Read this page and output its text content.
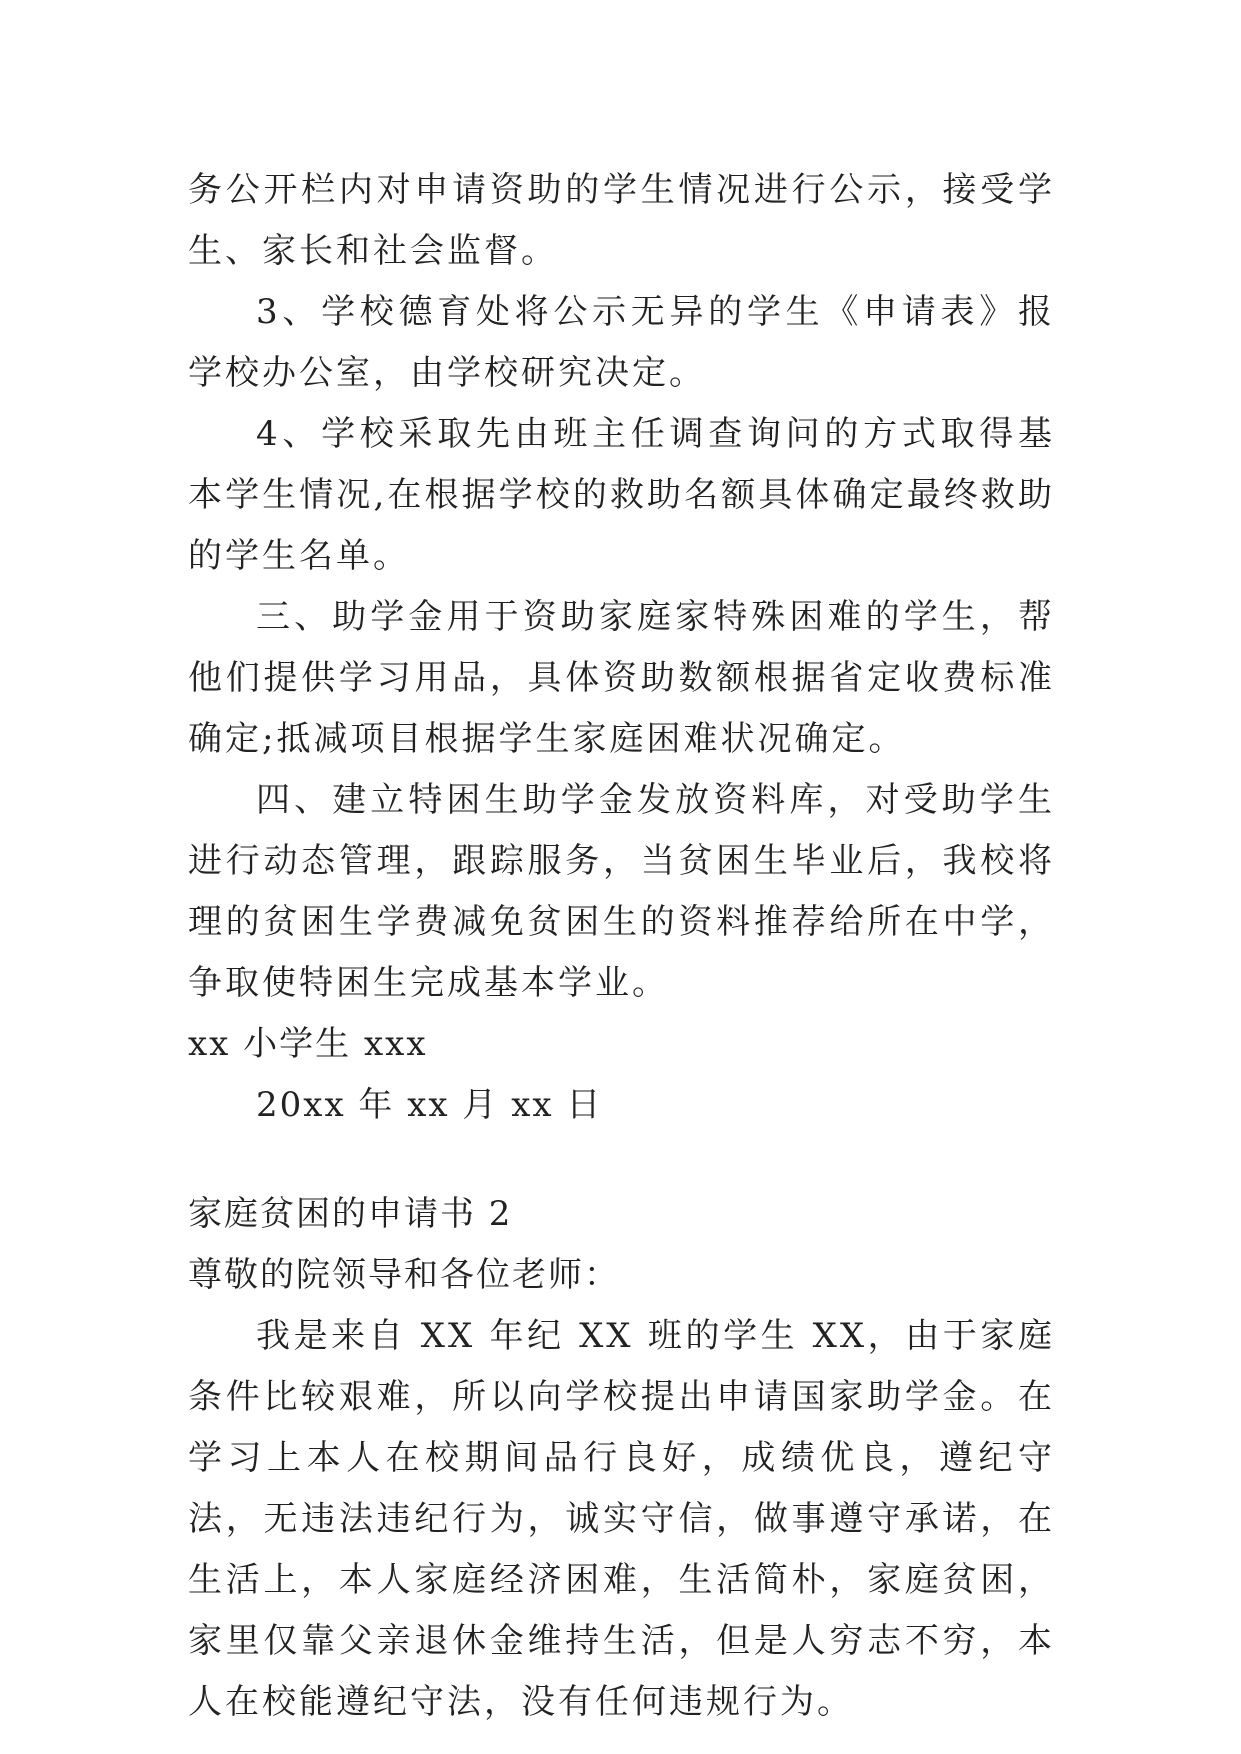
务公开栏内对申请资助的学生情况进行公示，接受学生、家长和社会监督。

3、学校德育处将公示无异的学生《申请表》报学校办公室，由学校研究决定。

4、学校采取先由班主任调查询问的方式取得基本学生情况,在根据学校的救助名额具体确定最终救助的学生名单。

三、助学金用于资助家庭家特殊困难的学生，帮他们提供学习用品，具体资助数额根据省定收费标准确定;抵减项目根据学生家庭困难状况确定。

四、建立特困生助学金发放资料库，对受助学生进行动态管理，跟踪服务，当贫困生毕业后，我校将理的贫困生学费减免贫困生的资料推荐给所在中学，争取使特困生完成基本学业。

xx 小学生 xxx

20xx 年 xx 月 xx 日

家庭贫困的申请书 2

尊敬的院领导和各位老师：

我是来自 XX 年纪 XX 班的学生 XX，由于家庭条件比较艰难，所以向学校提出申请国家助学金。在学习上本人在校期间品行良好，成绩优良，遵纪守法，无违法违纪行为，诚实守信，做事遵守承诺，在生活上，本人家庭经济困难，生活简朴，家庭贫困，家里仅靠父亲退休金维持生活，但是人穷志不穷，本人在校能遵纪守法，没有任何违规行为。
